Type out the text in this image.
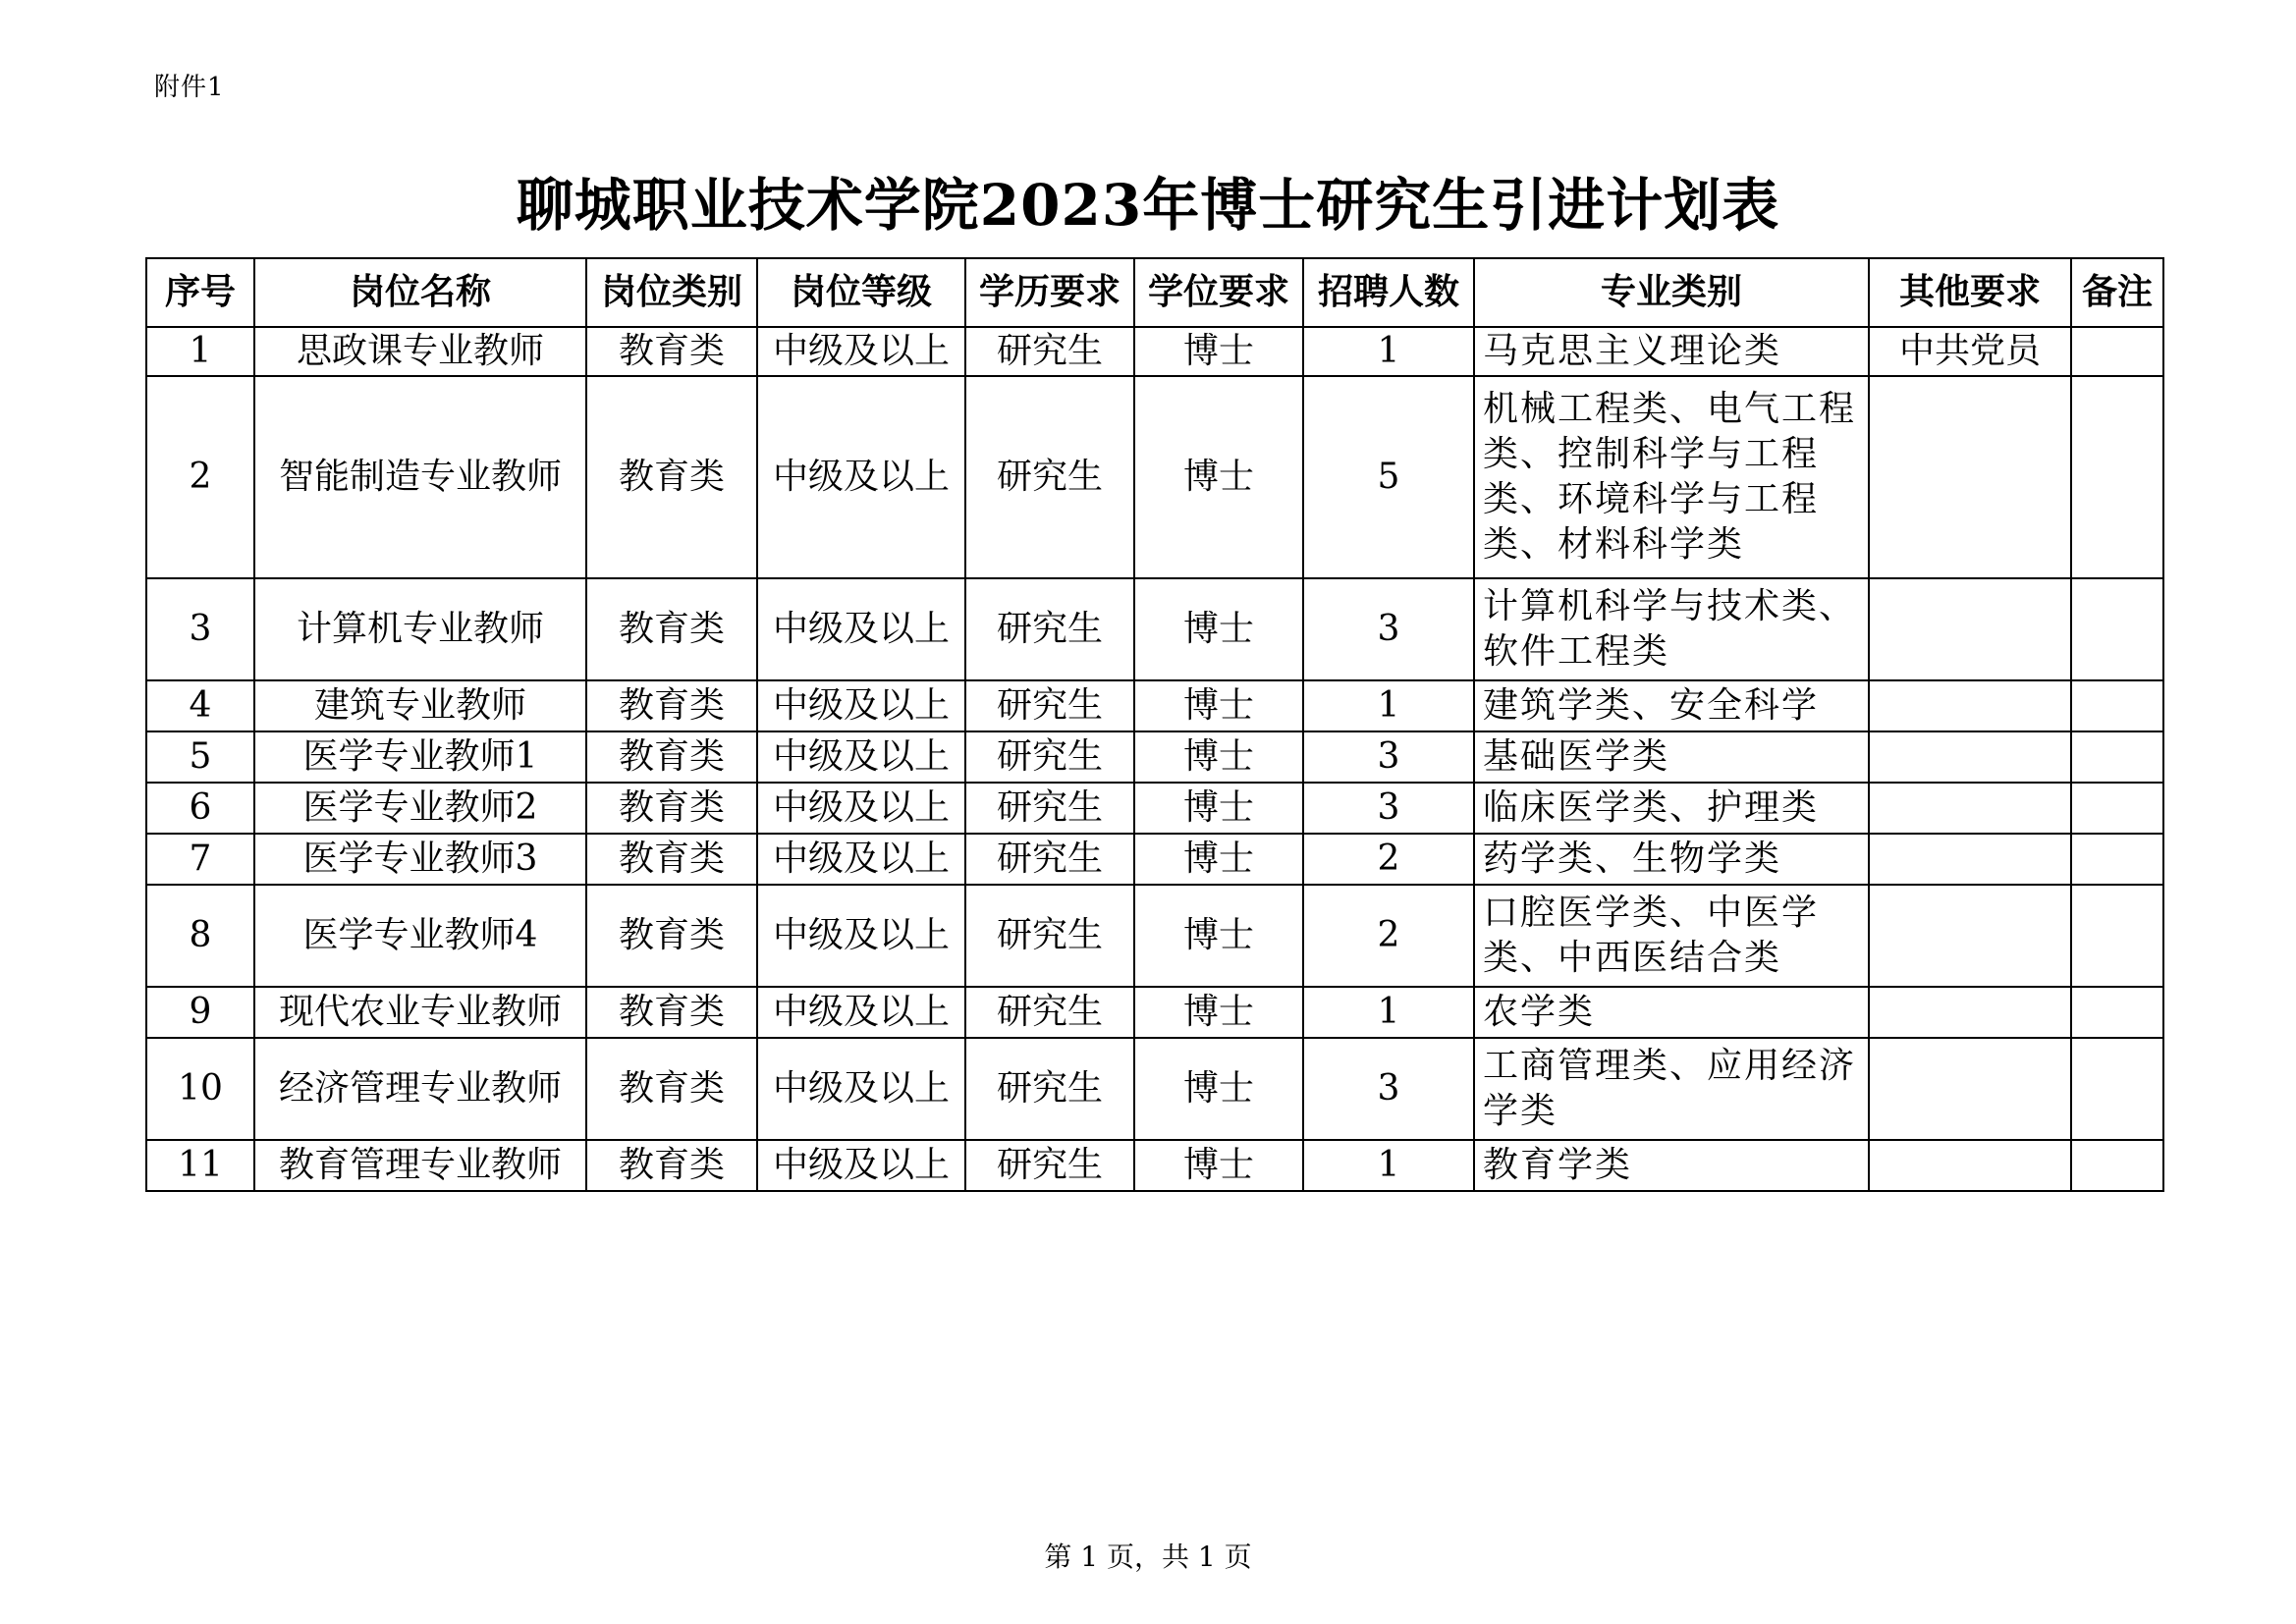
附件1
聊城职业技术学院2023年博士研究生引进计划表
序号	岗位名称	岗位类别	岗位等级	学历要求	学位要求	招聘人数	专业类别	其他要求	备注
1	思政课专业教师	教育类	中级及以上	研究生	博士	1	马克思主义理论类	中共党员	
2	智能制造专业教师	教育类	中级及以上	研究生	博士	5	机械工程类、电气工程类、控制科学与工程类、环境科学与工程类、材料科学类		
3	计算机专业教师	教育类	中级及以上	研究生	博士	3	计算机科学与技术类、软件工程类		
4	建筑专业教师	教育类	中级及以上	研究生	博士	1	建筑学类、安全科学		
5	医学专业教师1	教育类	中级及以上	研究生	博士	3	基础医学类		
6	医学专业教师2	教育类	中级及以上	研究生	博士	3	临床医学类、护理类		
7	医学专业教师3	教育类	中级及以上	研究生	博士	2	药学类、生物学类		
8	医学专业教师4	教育类	中级及以上	研究生	博士	2	口腔医学类、中医学类、中西医结合类		
9	现代农业专业教师	教育类	中级及以上	研究生	博士	1	农学类		
10	经济管理专业教师	教育类	中级及以上	研究生	博士	3	工商管理类、应用经济学类		
11	教育管理专业教师	教育类	中级及以上	研究生	博士	1	教育学类		
第 1 页，共 1 页
